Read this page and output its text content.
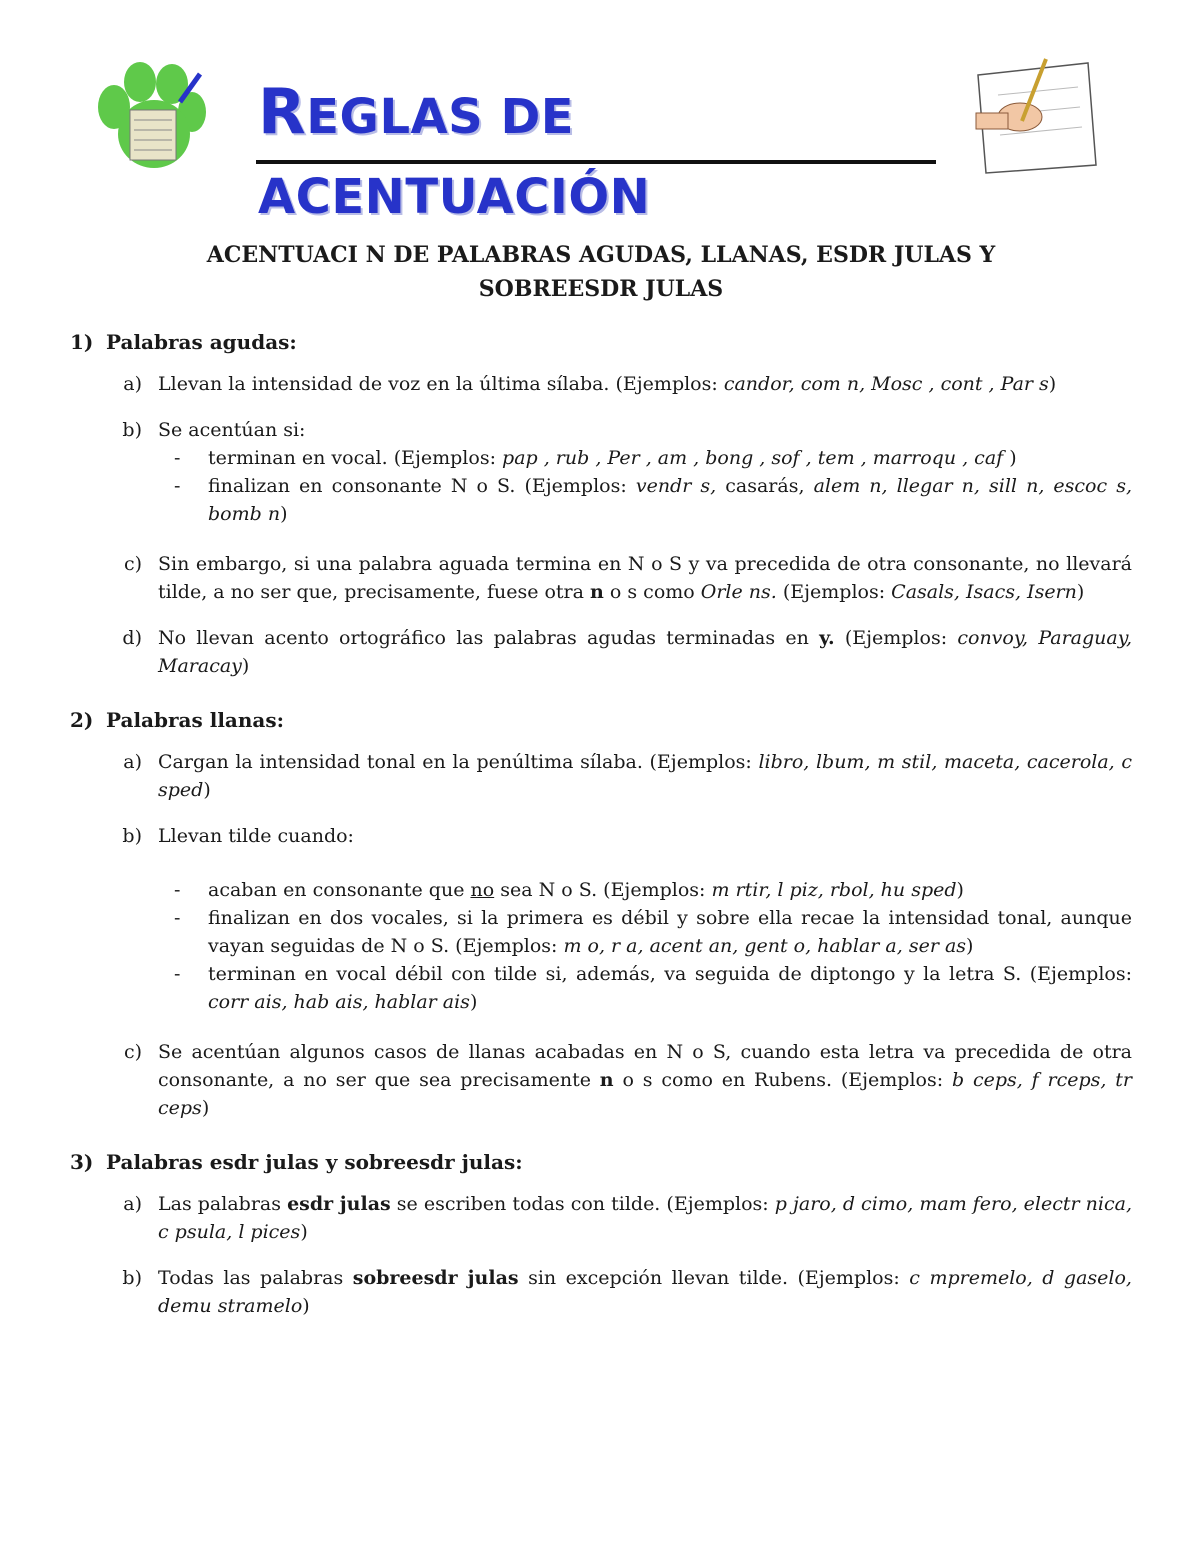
REGLAS DE ACENTUACIÓN
ACENTUACI N DE PALABRAS AGUDAS, LLANAS, ESDR JULAS Y
SOBREESDR JULAS
1) Palabras agudas:
a) Llevan la intensidad de voz en la última sílaba. (Ejemplos: candor, com n, Mosc , cont , Par s)
b) Se acentúan si:
-	terminan en vocal. (Ejemplos: pap , rub , Per , am , bong , sof , tem , marroqu , caf )
-	finalizan en consonante N o S. (Ejemplos: vendr s, casarás, alem n, llegar n, sill n, escoc s, bomb n)
c) Sin embargo, si una palabra aguada termina en N o S y va precedida de otra consonante, no llevará tilde, a no ser que, precisamente, fuese otra n o s como Orle ns. (Ejemplos: Casals, Isacs, Isern)
d) No llevan acento ortográfico las palabras agudas terminadas en y. (Ejemplos: convoy, Paraguay, Maracay)
2) Palabras llanas:
a) Cargan la intensidad tonal en la penúltima sílaba. (Ejemplos: libro, lbum, m stil, maceta, cacerola, c sped)
b) Llevan tilde cuando:
-	acaban en consonante que no sea N o S. (Ejemplos: m rtir, l piz, rbol, hu sped)
-	finalizan en dos vocales, si la primera es débil y sobre ella recae la intensidad tonal, aunque vayan seguidas de N o S. (Ejemplos: m o, r a, acent an, gent o, hablar a, ser as)
-	terminan en vocal débil con tilde si, además, va seguida de diptongo y la letra S. (Ejemplos: corr ais, hab ais, hablar ais)
c) Se acentúan algunos casos de llanas acabadas en N o S, cuando esta letra va precedida de otra consonante, a no ser que sea precisamente n o s como en Rubens. (Ejemplos: b ceps, f rceps, tr ceps)
3) Palabras esdr julas y sobreesdr julas:
a) Las palabras esdr julas se escriben todas con tilde. (Ejemplos: p jaro, d cimo, mam fero, electr nica, c psula, l pices)
b) Todas las palabras sobreesdr julas sin excepción llevan tilde. (Ejemplos: c mpremelo, d gaselo, demu stramelo)
